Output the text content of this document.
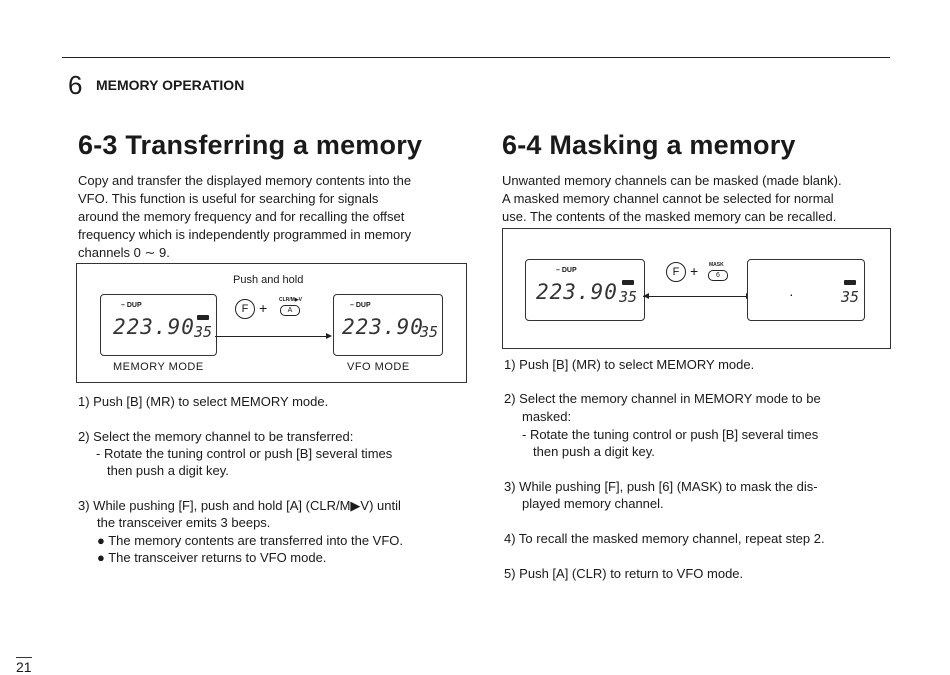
6 MEMORY OPERATION
6-3 Transferring a memory
Copy and transfer the displayed memory contents into the
VFO. This function is useful for searching for signals
around the memory frequency and for recalling the offset
frequency which is independently programmed in memory
channels 0 ∼ 9.
Push and hold
– DUP
223.90 35
F + CLR/M▶V
A
– DUP
223.90
35
MEMORY MODE	VFO MODE
1) Push [B] (MR) to select MEMORY mode.
2) Select the memory channel to be transferred:
- Rotate the tuning control or push [B] several times
then push a digit key.
3) While pushing [F], push and hold [A] (CLR/M▶V) until
the transceiver emits 3 beeps.
● The memory contents are transferred into the VFO.
● The transceiver returns to VFO mode.
6-4 Masking a memory
Unwanted memory channels can be masked (made blank).
A masked memory channel cannot be selected for normal
use. The contents of the masked memory can be recalled.
– DUP
223.90 35
F + MASK
6
·	35
1) Push [B] (MR) to select MEMORY mode.
2) Select the memory channel in MEMORY mode to be
masked:
- Rotate the tuning control or push [B] several times
then push a digit key.
3) While pushing [F], push [6] (MASK) to mask the dis-
played memory channel.
4) To recall the masked memory channel, repeat step 2.
5) Push [A] (CLR) to return to VFO mode.
21
